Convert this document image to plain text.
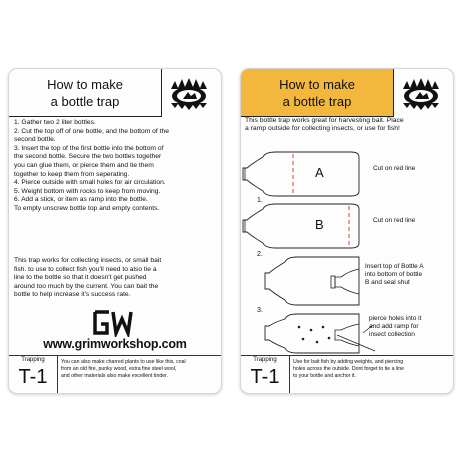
How to make
a bottle trap
1. Gather two 2 liter bottles.
2. Cut the top off of one bottle, and the bottom of the
second bottle.
3. Insert the top of the first bottle into the bottom of
the second bottle. Secure the two bottles together
you can glue them, or pierce them and tie them
together to keep them from seperating.
4. Pierce outside with small holes for air circulation.
5. Weight bottom with rocks to keep from moving.
6. Add a stick, or item as ramp into the bottle.
To empty unscrew bottle top and empty contents.
This trap works for collecting insects, or small bait
fish. to use to collect fish you'll need to also tie a
line to the bottle so that it doesn't get pushed
around too much by the current. You can bait the
bottle to help increase it's success rate.
www.grimworkshop.com
Trapping
T-1
You can also make charred plants to use like this, coal
from an old fire, punky wood, extra fine steel wool,
and other materials also make excellent tinder.
How to make
a bottle trap
This bottle trap works great for harvesting bait. Place
a ramp outside for collecting insects, or use for fish!
A
B
1.
2.
3.
Cut on red line
Cut on red line
Insert top of Bottle A
into bottom of bottle
B and seal shut
pierce holes into it
and add ramp for
insect collection
Trapping
T-1
Use for bait fish by adding weights, and piercing
holes across the outside. Dont forget to tie a line
to your bottle and anchor it.
